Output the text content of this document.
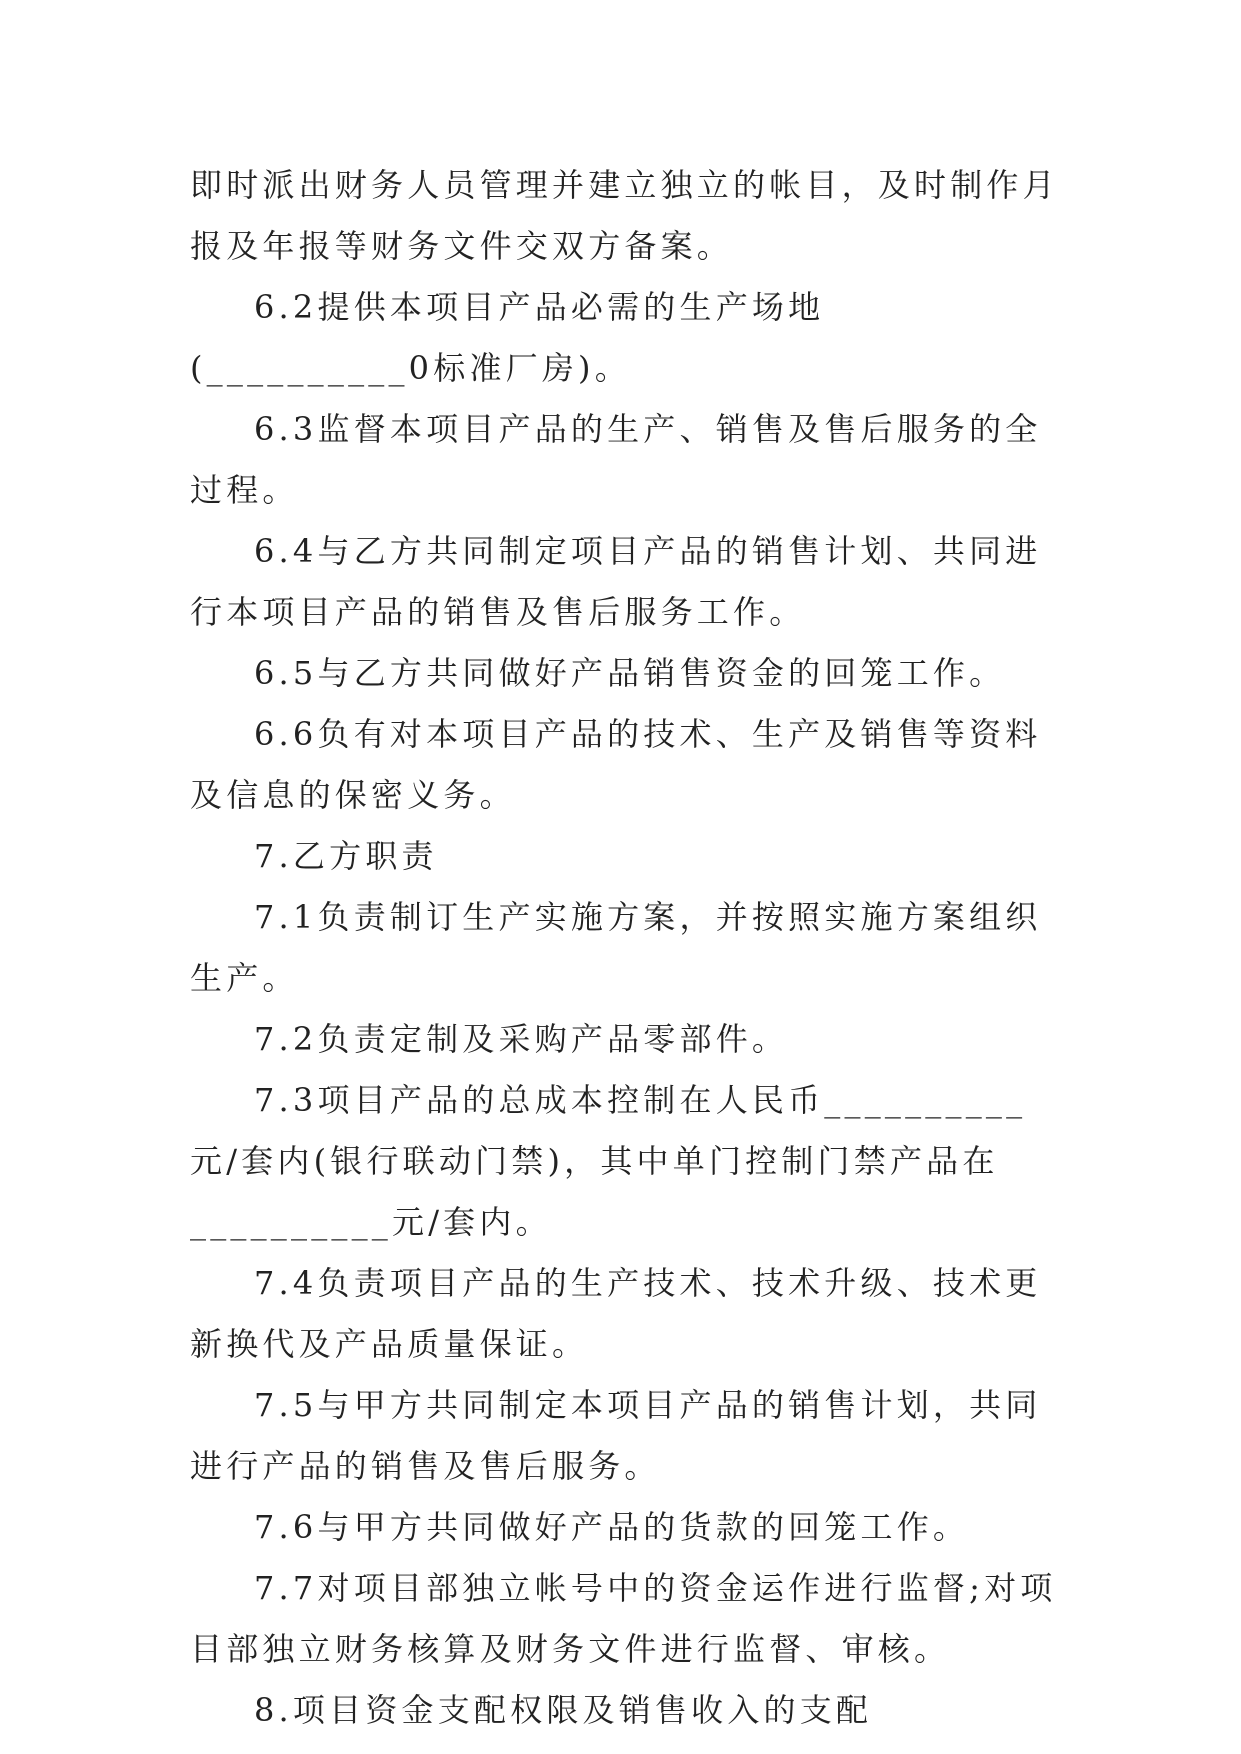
即时派出财务人员管理并建立独立的帐目，及时制作月报及年报等财务文件交双方备案。

6.2提供本项目产品必需的生产场地(__________0标准厂房)。

6.3监督本项目产品的生产、销售及售后服务的全过程。

6.4与乙方共同制定项目产品的销售计划、共同进行本项目产品的销售及售后服务工作。

6.5与乙方共同做好产品销售资金的回笼工作。

6.6负有对本项目产品的技术、生产及销售等资料及信息的保密义务。

7.乙方职责

7.1负责制订生产实施方案，并按照实施方案组织生产。

7.2负责定制及采购产品零部件。

7.3项目产品的总成本控制在人民币__________元/套内(银行联动门禁)，其中单门控制门禁产品在__________元/套内。

7.4负责项目产品的生产技术、技术升级、技术更新换代及产品质量保证。

7.5与甲方共同制定本项目产品的销售计划，共同进行产品的销售及售后服务。

7.6与甲方共同做好产品的货款的回笼工作。

7.7对项目部独立帐号中的资金运作进行监督;对项目部独立财务核算及财务文件进行监督、审核。

8.项目资金支配权限及销售收入的支配
